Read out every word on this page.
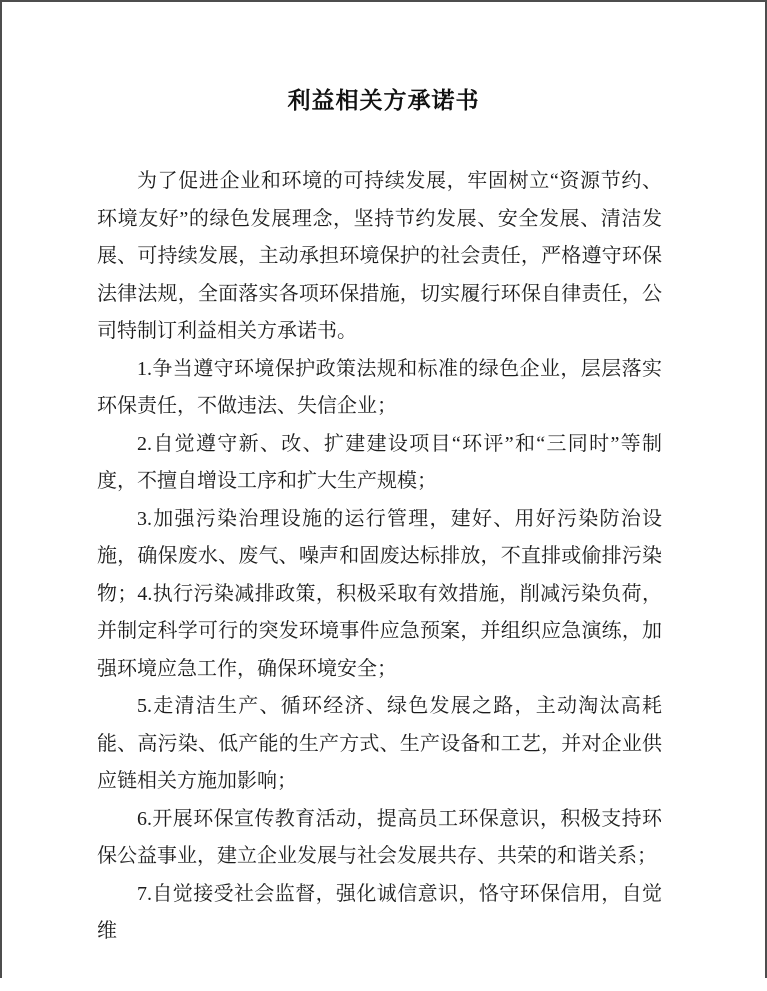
利益相关方承诺书

为了促进企业和环境的可持续发展，牢固树立“资源节约、环境友好”的绿色发展理念，坚持节约发展、安全发展、清洁发展、可持续发展，主动承担环境保护的社会责任，严格遵守环保法律法规，全面落实各项环保措施，切实履行环保自律责任，公司特制订利益相关方承诺书。

1.争当遵守环境保护政策法规和标准的绿色企业，层层落实环保责任，不做违法、失信企业；

2.自觉遵守新、改、扩建建设项目“环评”和“三同时”等制度，不擅自增设工序和扩大生产规模；

3.加强污染治理设施的运行管理，建好、用好污染防治设施，确保废水、废气、噪声和固废达标排放，不直排或偷排污染物；4.执行污染减排政策，积极采取有效措施，削减污染负荷，并制定科学可行的突发环境事件应急预案，并组织应急演练，加强环境应急工作，确保环境安全；

5.走清洁生产、循环经济、绿色发展之路，主动淘汰高耗能、高污染、低产能的生产方式、生产设备和工艺，并对企业供应链相关方施加影响；

6.开展环保宣传教育活动，提高员工环保意识，积极支持环保公益事业，建立企业发展与社会发展共存、共荣的和谐关系；

7.自觉接受社会监督，强化诚信意识，恪守环保信用，自觉维
